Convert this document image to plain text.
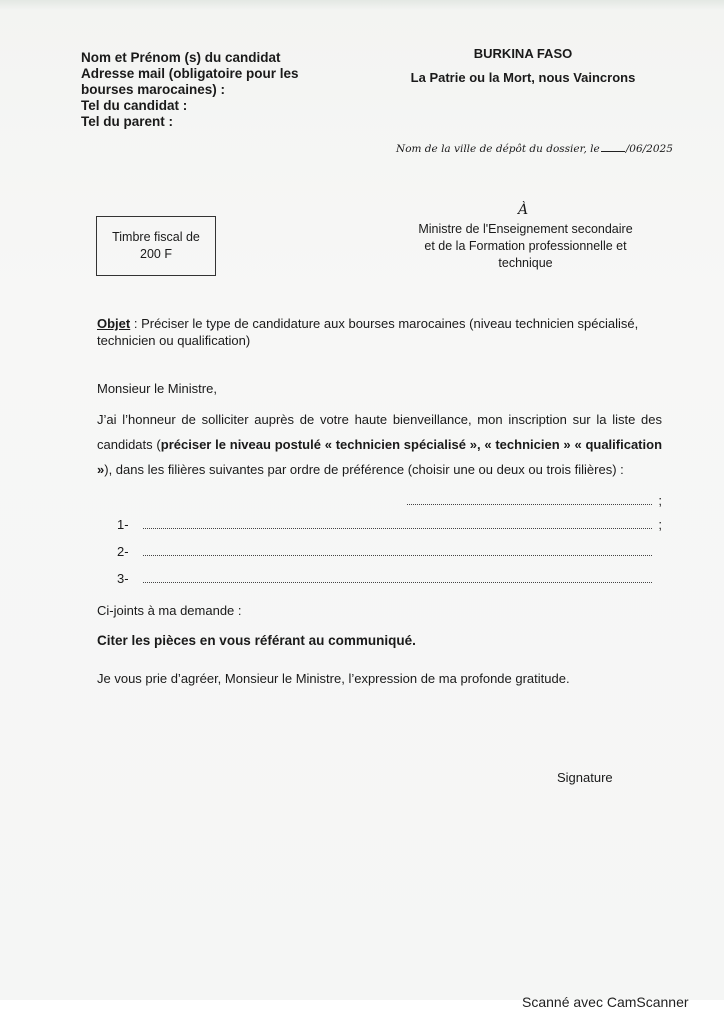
Nom et Prénom (s) du candidat
Adresse mail (obligatoire pour les
bourses marocaines) :
Tel du candidat :
Tel du parent :
BURKINA FASO
La Patrie ou la Mort, nous Vaincrons
Nom de la ville de dépôt du dossier, le /06/2025
Timbre fiscal de
200 F
À
Ministre de l'Enseignement secondaire
et de la Formation professionnelle et
technique
Objet : Préciser le type de candidature aux bourses marocaines (niveau technicien spécialisé, technicien ou qualification)
Monsieur le Ministre,
J’ai l’honneur de solliciter auprès de votre haute bienveillance, mon inscription sur la liste des candidats (préciser le niveau postulé « technicien spécialisé », « technicien » « qualification »), dans les filières suivantes par ordre de préférence (choisir une ou deux ou trois filières) :
;
1-	;
2-
3-
Ci-joints à ma demande :
Citer les pièces en vous référant au communiqué.
Je vous prie d’agréer, Monsieur le Ministre, l’expression de ma profonde gratitude.
Signature
Scanné avec CamScanner
